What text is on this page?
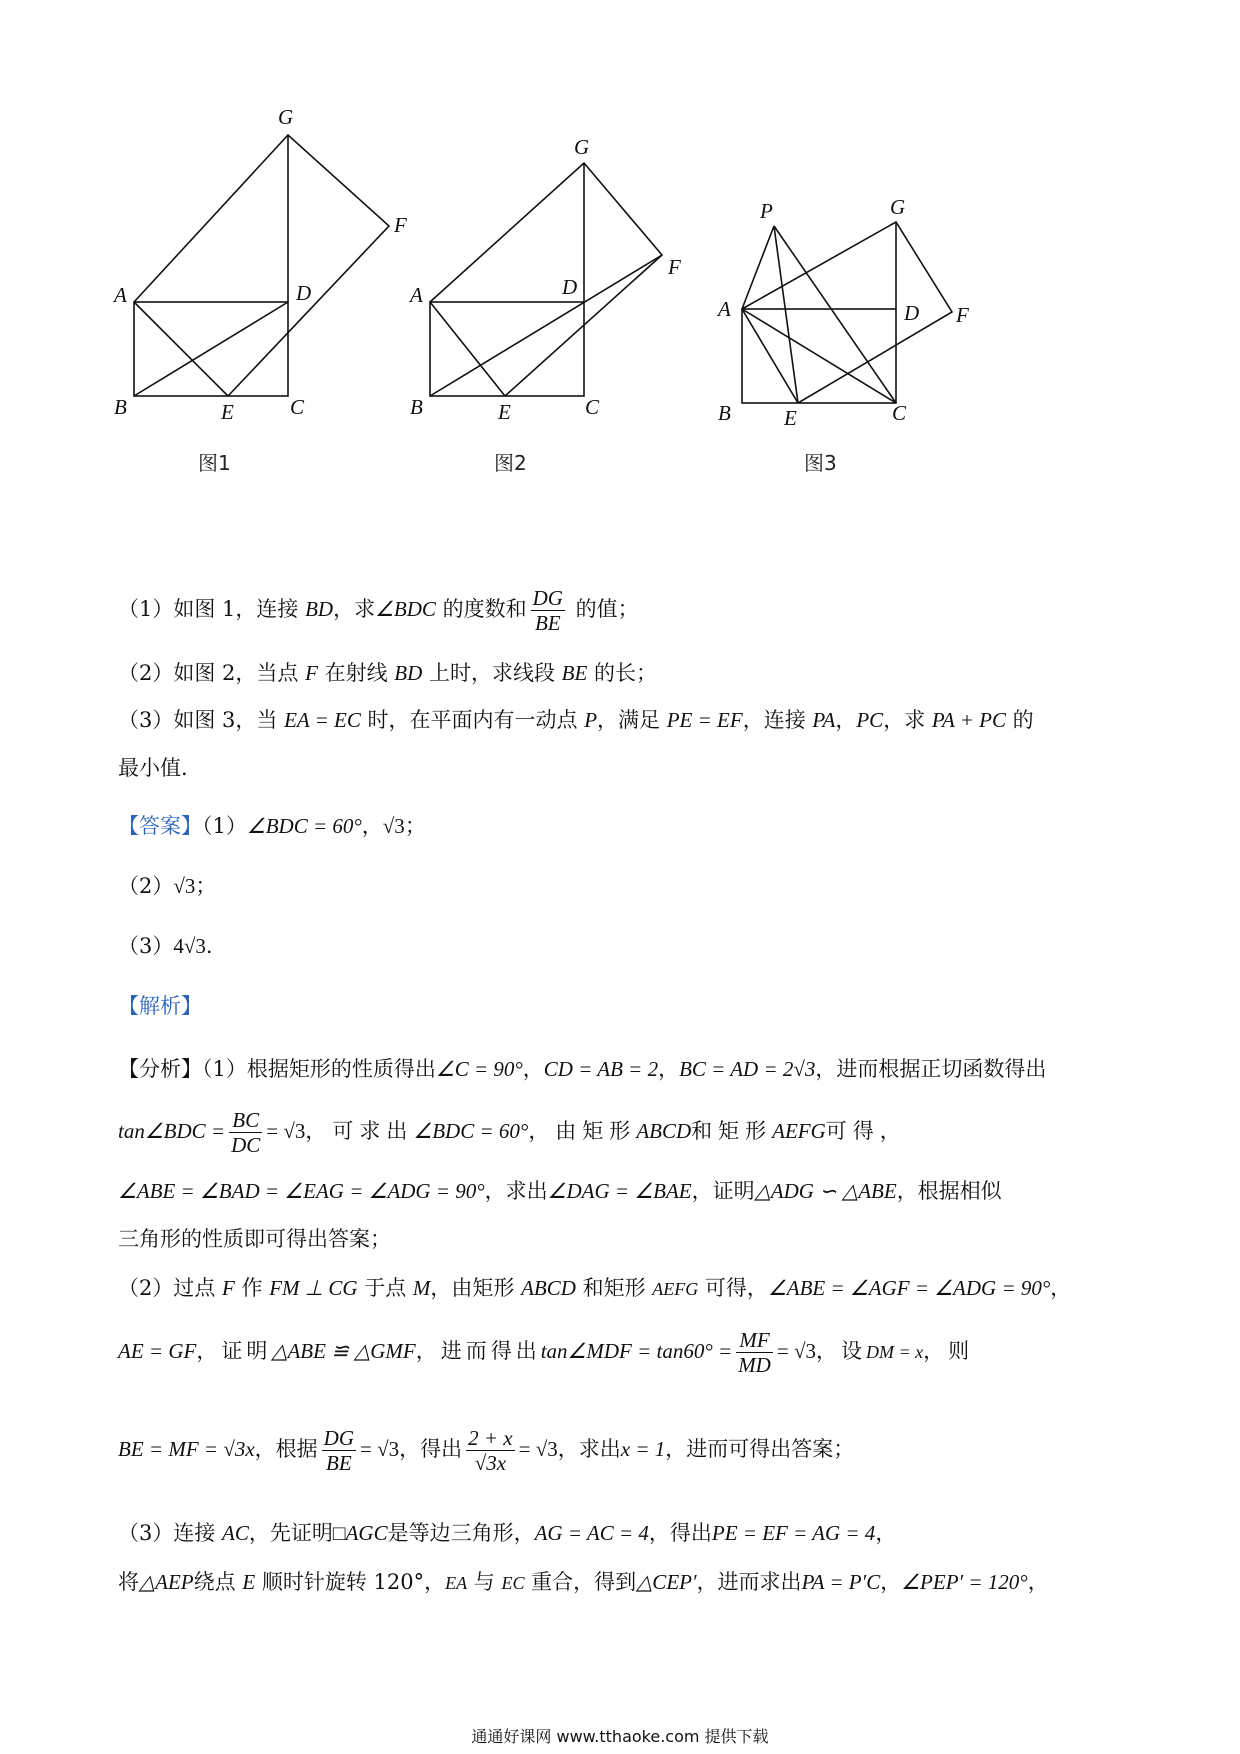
G
F
A	D
B	E	C
图1
G
F
A	D
B	E	C
图2
P	G
F
A	D
B	E	C
图3
（1）如图 1，连接 BD，求∠BDC 的度数和 $\frac{DG}{BE}$ 的值；
（2）如图 2，当点 F 在射线 BD 上时，求线段 BE 的长；
（3）如图 3，当 EA = EC 时，在平面内有一动点 P，满足 PE = EF，连接 PA，PC，求 PA + PC 的
最小值.
【答案】（1）∠BDC = 60°，√3；
（2）√3；
（3）4√3.
【解析】
【分析】（1）根据矩形的性质得出∠C = 90°，CD = AB = 2，BC = AD = 2√3，进而根据正切函数得出
tan∠BDC = $\frac{BC}{DC} = √3$，可求出∠BDC = 60°，由矩形ABCD和矩形AEFG可得，
∠ABE = ∠BAD = ∠EAG = ∠ADG = 90°，求出∠DAG = ∠BAE，证明△ADG ∽ △ABE，根据相似
三角形的性质即可得出答案；
（2）过点 F 作 FM ⊥ CG 于点 M，由矩形 ABCD 和矩形 AEFG 可得，∠ABE = ∠AGF = ∠ADG = 90°，
AE = GF，证明△ABE ≌ △GMF，进而得出tan∠MDF = $\tan 60^\circ = \frac{MF}{MD} = √3$，设DM = x，则
BE = MF = √3x，根据 $\frac{DG}{BE} = √3$，得出 $\frac{2 + x}{√3x} = √3$，求出x = 1，进而可得出答案；
（3）连接 AC，先证明□AGC是等边三角形，AG = AC = 4，得出PE = EF = AG = 4，
将△AEP绕点 E 顺时针旋转 120°，EA 与 EC 重合，得到△CEP′，进而求出PA = P′C，∠PEP′ = 120°，
通通好课网 www.tthaoke.com 提供下载
